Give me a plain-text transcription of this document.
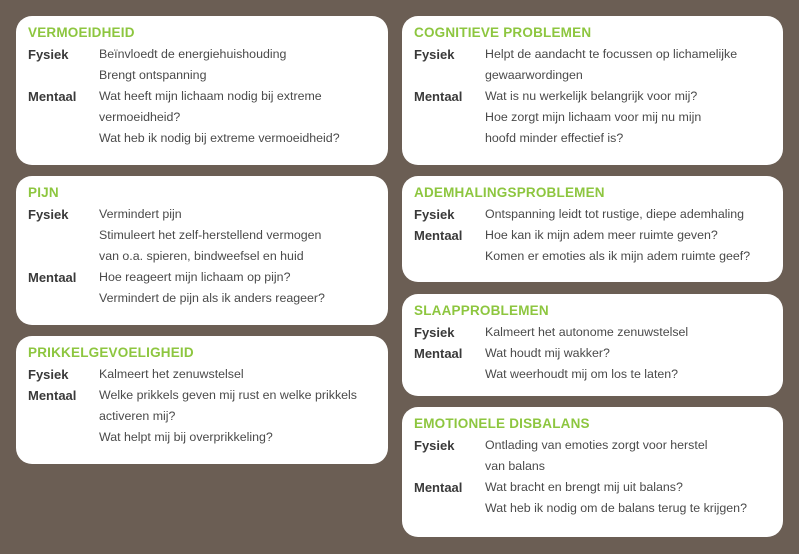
VERMOEIDHEID
Fysiek	Beïnvloedt de energiehuishouding
Brengt ontspanning
Mentaal	Wat heeft mijn lichaam nodig bij extreme
vermoeidheid?
Wat heb ik nodig bij extreme vermoeidheid?
PIJN
Fysiek	Vermindert pijn
Stimuleert het zelf-herstellend vermogen
van o.a. spieren, bindweefsel en huid
Mentaal	Hoe reageert mijn lichaam op pijn?
Vermindert de pijn als ik anders reageer?
PRIKKELGEVOELIGHEID
Fysiek	Kalmeert het zenuwstelsel
Mentaal	Welke prikkels geven mij rust en welke prikkels
activeren mij?
Wat helpt mij bij overprikkeling?
COGNITIEVE PROBLEMEN
Fysiek	Helpt de aandacht te focussen op lichamelijke
gewaarwordingen
Mentaal	Wat is nu werkelijk belangrijk voor mij?
Hoe zorgt mijn lichaam voor mij nu mijn
hoofd minder effectief is?
ADEMHALINGSPROBLEMEN
Fysiek	Ontspanning leidt tot rustige, diepe ademhaling
Mentaal	Hoe kan ik mijn adem meer ruimte geven?
Komen er emoties als ik mijn adem ruimte geef?
SLAAPPROBLEMEN
Fysiek	Kalmeert het autonome zenuwstelsel
Mentaal	Wat houdt mij wakker?
Wat weerhoudt mij om los te laten?
EMOTIONELE DISBALANS
Fysiek	Ontlading van emoties zorgt voor herstel
van balans
Mentaal	Wat bracht en brengt mij uit balans?
Wat heb ik nodig om de balans terug te krijgen?
